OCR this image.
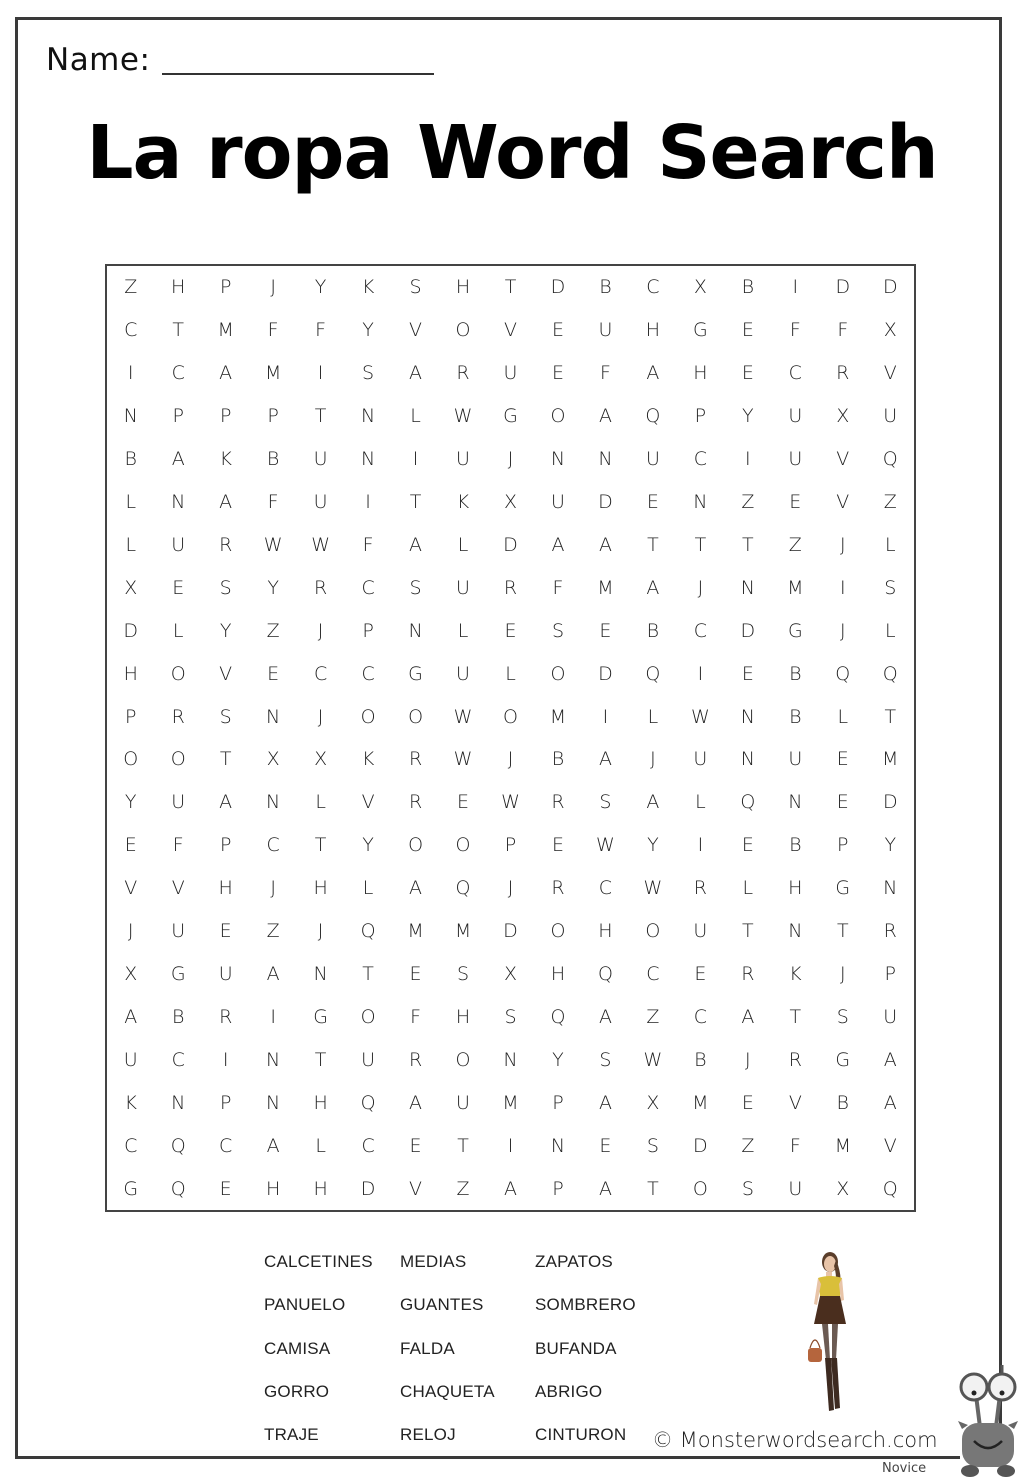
Name:
La ropa Word Search
Z	H	P	J	Y	K	S	H	T	D	B	C	X	B	I	D	D
C	T	M	F	F	Y	V	O	V	E	U	H	G	E	F	F	X
I	C	A	M	I	S	A	R	U	E	F	A	H	E	C	R	V
N	P	P	P	T	N	L	W	G	O	A	Q	P	Y	U	X	U
B	A	K	B	U	N	I	U	J	N	N	U	C	I	U	V	Q
L	N	A	F	U	I	T	K	X	U	D	E	N	Z	E	V	Z
L	U	R	W	W	F	A	L	D	A	A	T	T	T	Z	J	L
X	E	S	Y	R	C	S	U	R	F	M	A	J	N	M	I	S
D	L	Y	Z	J	P	N	L	E	S	E	B	C	D	G	J	L
H	O	V	E	C	C	G	U	L	O	D	Q	I	E	B	Q	Q
P	R	S	N	J	O	O	W	O	M	I	L	W	N	B	L	T
O	O	T	X	X	K	R	W	J	B	A	J	U	N	U	E	M
Y	U	A	N	L	V	R	E	W	R	S	A	L	Q	N	E	D
E	F	P	C	T	Y	O	O	P	E	W	Y	I	E	B	P	Y
V	V	H	J	H	L	A	Q	J	R	C	W	R	L	H	G	N
J	U	E	Z	J	Q	M	M	D	O	H	O	U	T	N	T	R
X	G	U	A	N	T	E	S	X	H	Q	C	E	R	K	J	P
A	B	R	I	G	O	F	H	S	Q	A	Z	C	A	T	S	U
U	C	I	N	T	U	R	O	N	Y	S	W	B	J	R	G	A
K	N	P	N	H	Q	A	U	M	P	A	X	M	E	V	B	A
C	Q	C	A	L	C	E	T	I	N	E	S	D	Z	F	M	V
G	Q	E	H	H	D	V	Z	A	P	A	T	O	S	U	X	Q
CALCETINES	MEDIAS	ZAPATOS
PANUELO	GUANTES	SOMBRERO
CAMISA	FALDA	BUFANDA
GORRO	CHAQUETA	ABRIGO
TRAJE	RELOJ	CINTURON	© Monsterwordsearch.com
Novice
